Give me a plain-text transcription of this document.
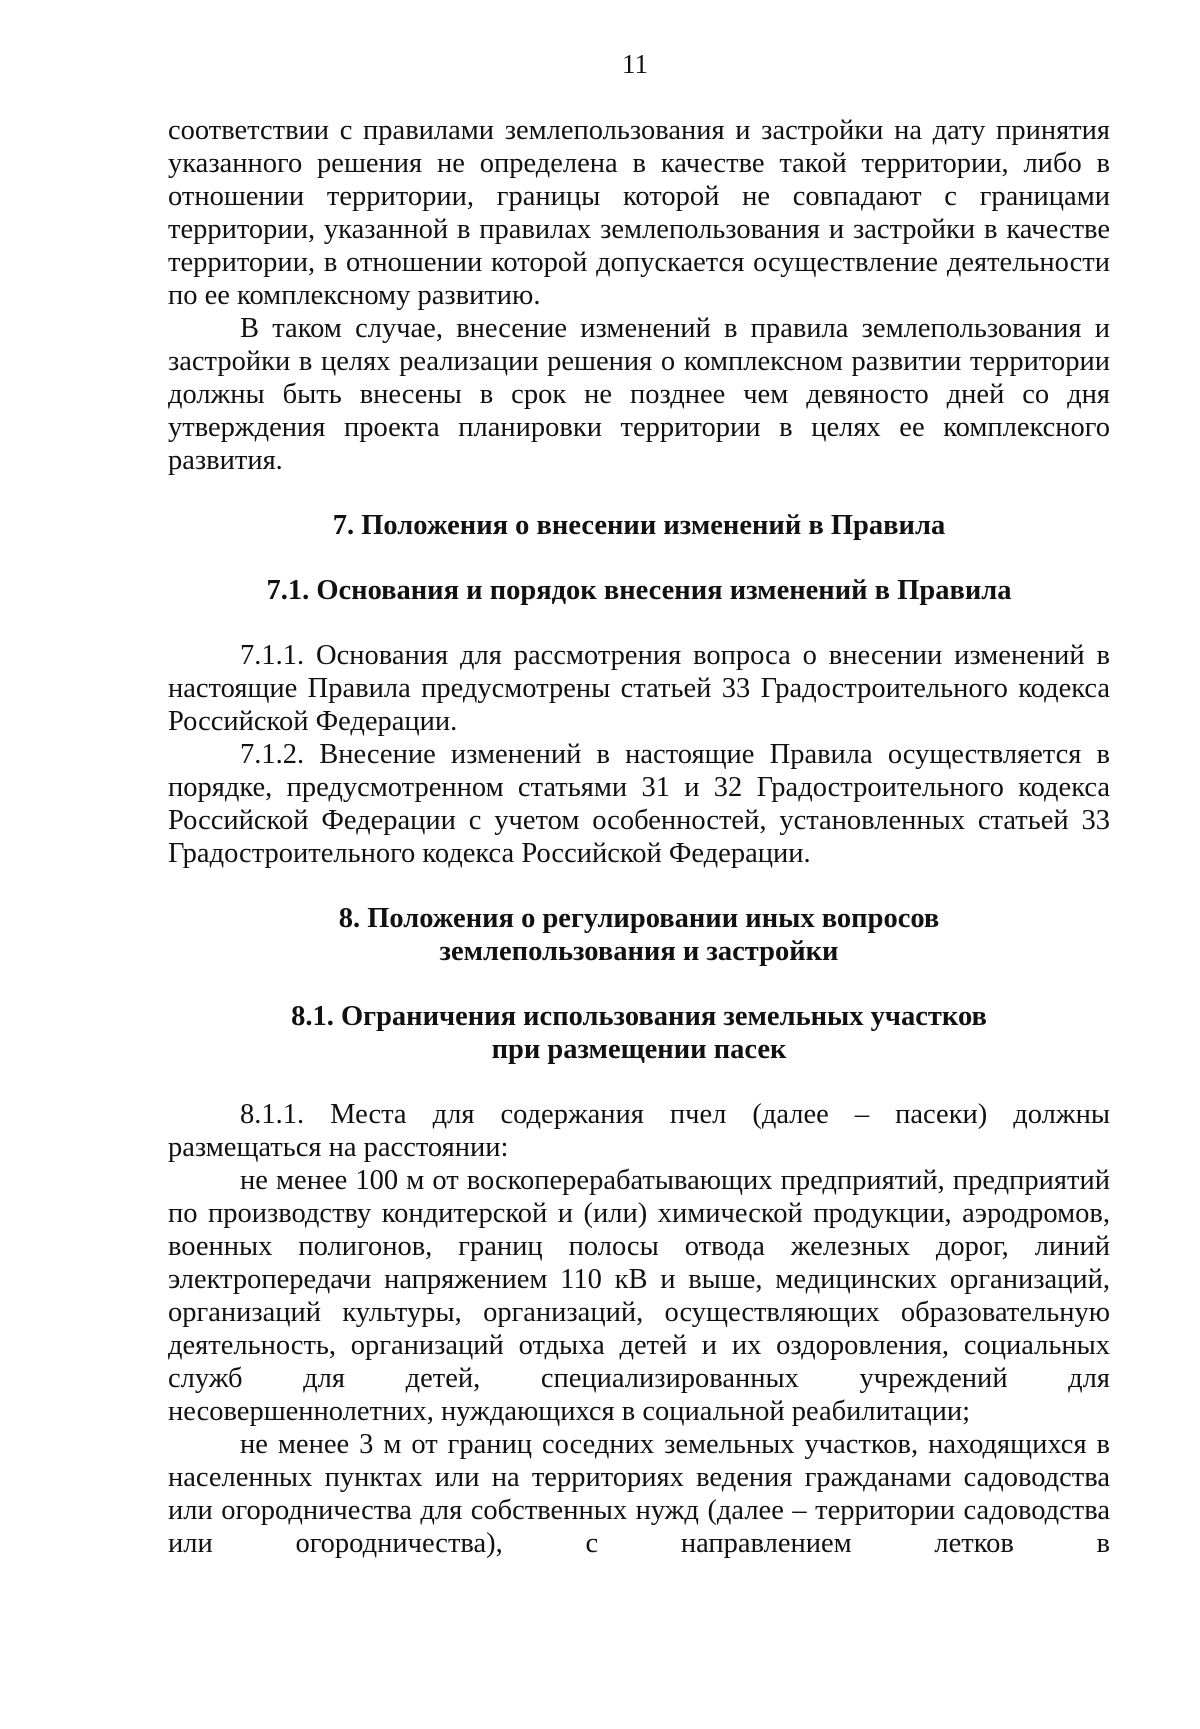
11

соответствии с правилами землепользования и застройки на дату принятия указанного решения не определена в качестве такой территории, либо в отношении территории, границы которой не совпадают с границами территории, указанной в правилах землепользования и застройки в качестве территории, в отношении которой допускается осуществление деятельности по ее комплексному развитию.

В таком случае, внесение изменений в правила землепользования и застройки в целях реализации решения о комплексном развитии территории должны быть внесены в срок не позднее чем девяносто дней со дня утверждения проекта планировки территории в целях ее комплексного развития.

7. Положения о внесении изменений в Правила
7.1. Основания и порядок внесения изменений в Правила

7.1.1. Основания для рассмотрения вопроса о внесении изменений в настоящие Правила предусмотрены статьей 33 Градостроительного кодекса Российской Федерации.

7.1.2. Внесение изменений в настоящие Правила осуществляется в порядке, предусмотренном статьями 31 и 32 Градостроительного кодекса Российской Федерации с учетом особенностей, установленных статьей 33 Градостроительного кодекса Российской Федерации.

8. Положения о регулировании иных вопросов
землепользования и застройки
8.1. Ограничения использования земельных участков
при размещении пасек

8.1.1. Места для содержания пчел (далее – пасеки) должны размещаться на расстоянии:

не менее 100 м от воскоперерабатывающих предприятий, предприятий по производству кондитерской и (или) химической продукции, аэродромов, военных полигонов, границ полосы отвода железных дорог, линий электропередачи напряжением 110 кВ и выше, медицинских организаций, организаций культуры, организаций, осуществляющих образовательную деятельность, организаций отдыха детей и их оздоровления, социальных служб для детей, специализированных учреждений для несовершеннолетних, нуждающихся в социальной реабилитации;

не менее 3 м от границ соседних земельных участков, находящихся в населенных пунктах или на территориях ведения гражданами садоводства или огородничества для собственных нужд (далее – территории садоводства или огородничества), с направлением летков в
